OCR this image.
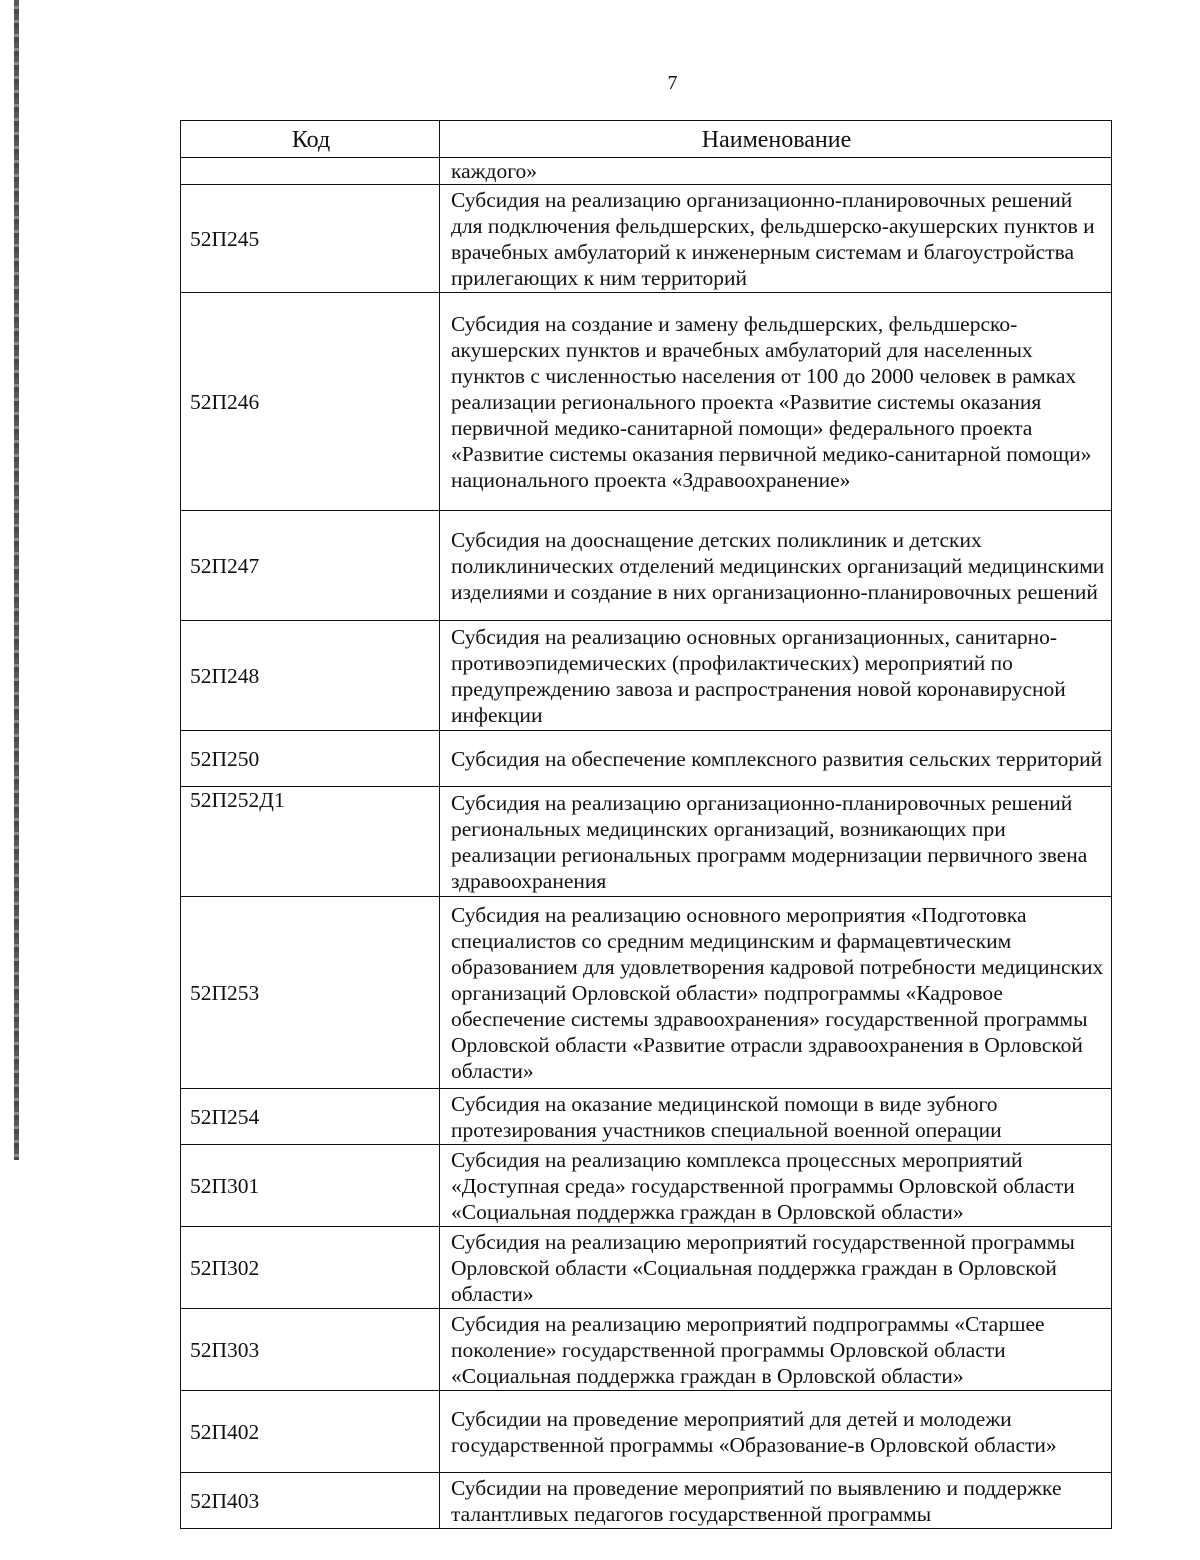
7
Код	Наименование
	каждого»
52П245	Субсидия на реализацию организационно-планировочных решений для подключения фельдшерских, фельдшерско-акушерских пунктов и врачебных амбулаторий к инженерным системам и благоустройства прилегающих к ним территорий
52П246	Субсидия на создание и замену фельдшерских, фельдшерско-акушерских пунктов и врачебных амбулаторий для населенных пунктов с численностью населения от 100 до 2000 человек в рамках реализации регионального проекта «Развитие системы оказания первичной медико-санитарной помощи» федерального проекта «Развитие системы оказания первичной медико-санитарной помощи» национального проекта «Здравоохранение»
52П247	Субсидия на дооснащение детских поликлиник и детских поликлинических отделений медицинских организаций медицинскими изделиями и создание в них организационно-планировочных решений
52П248	Субсидия на реализацию основных организационных, санитарно-противоэпидемических (профилактических) мероприятий по предупреждению завоза и распространения новой коронавирусной инфекции
52П250	Субсидия на обеспечение комплексного развития сельских территорий
52П252Д1	Субсидия на реализацию организационно-планировочных решений региональных медицинских организаций, возникающих при реализации региональных программ модернизации первичного звена здравоохранения
52П253	Субсидия на реализацию основного мероприятия «Подготовка специалистов со средним медицинским и фармацевтическим образованием для удовлетворения кадровой потребности медицинских организаций Орловской области» подпрограммы «Кадровое обеспечение системы здравоохранения» государственной программы Орловской области «Развитие отрасли здравоохранения в Орловской области»
52П254	Субсидия на оказание медицинской помощи в виде зубного протезирования участников специальной военной операции
52П301	Субсидия на реализацию комплекса процессных мероприятий «Доступная среда» государственной программы Орловской области «Социальная поддержка граждан в Орловской области»
52П302	Субсидия на реализацию мероприятий государственной программы Орловской области «Социальная поддержка граждан в Орловской области»
52П303	Субсидия на реализацию мероприятий подпрограммы «Старшее поколение» государственной программы Орловской области «Социальная поддержка граждан в Орловской области»
52П402	Субсидии на проведение мероприятий для детей и молодежи государственной программы «Образование-в Орловской области»
52П403	Субсидии на проведение мероприятий по выявлению и поддержке талантливых педагогов государственной программы
